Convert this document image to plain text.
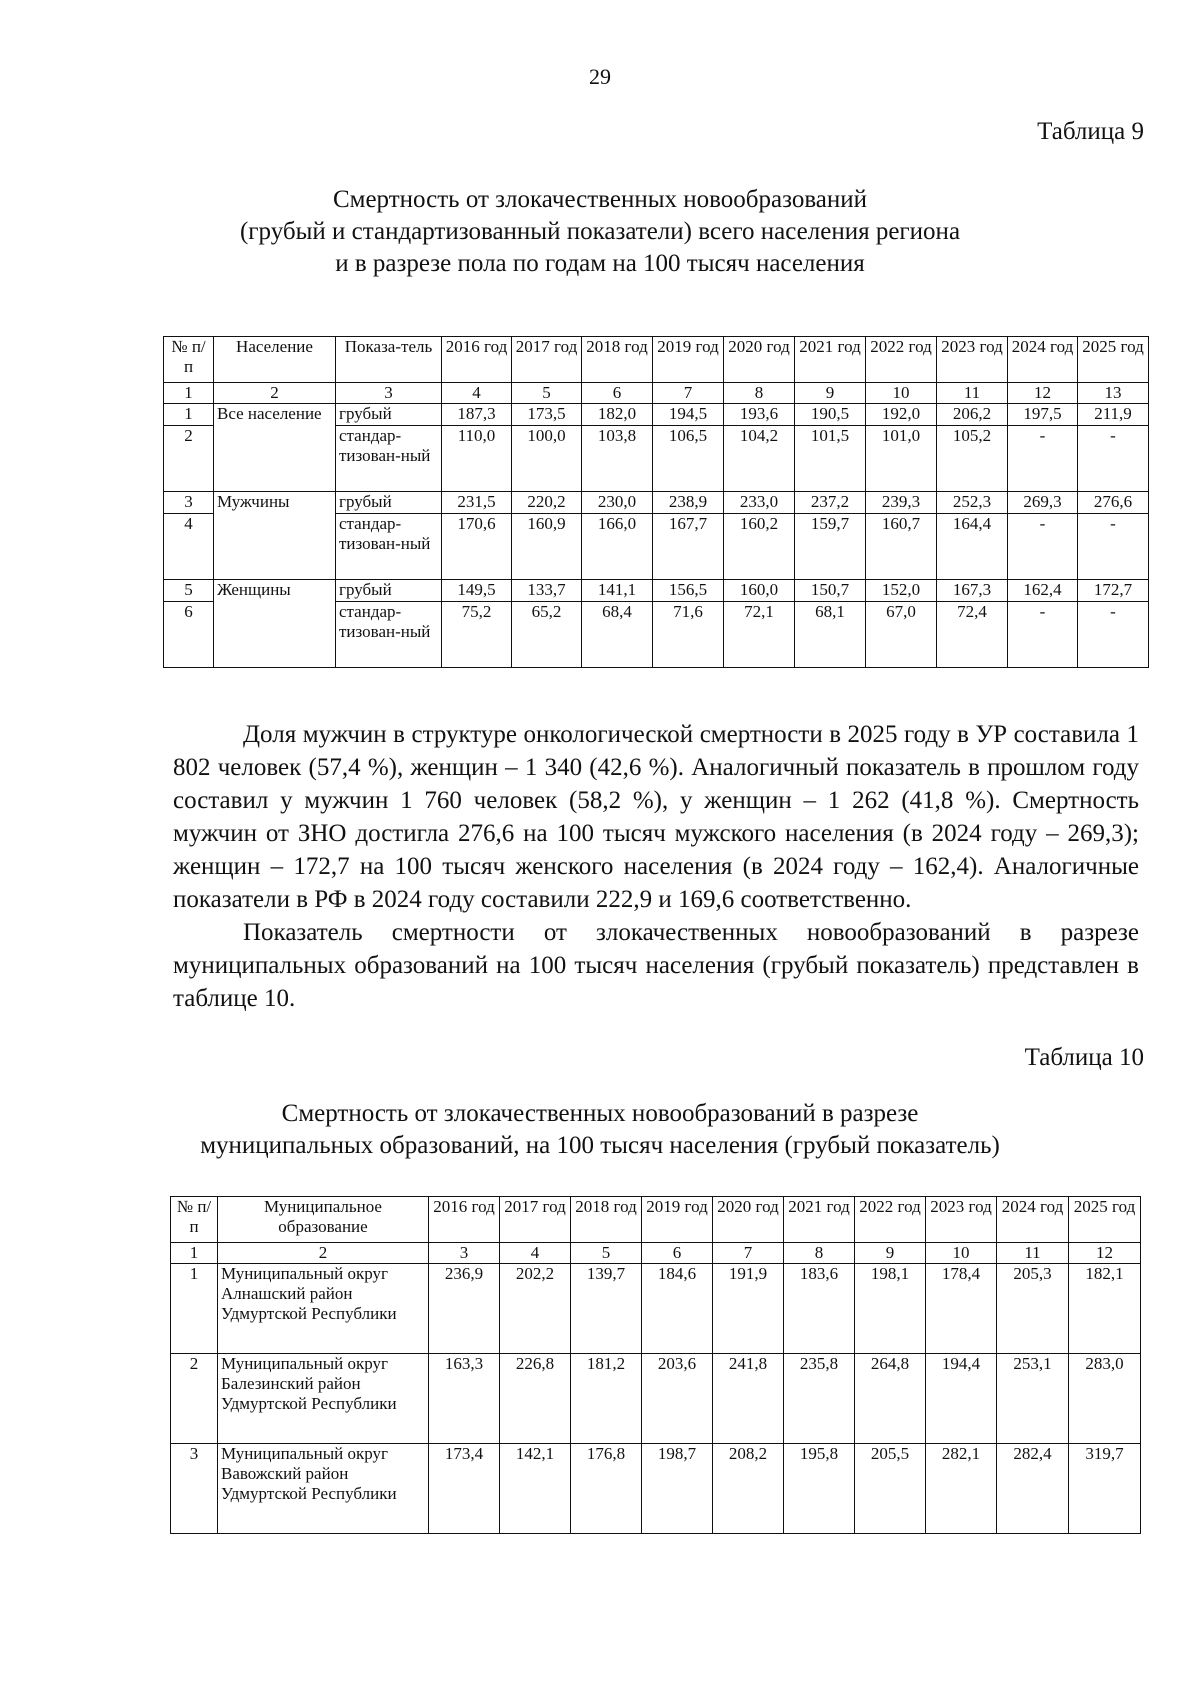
29
Таблица 9
Смертность от злокачественных новообразований
(грубый и стандартизованный показатели) всего населения региона
и в разрезе пола по годам на 100 тысяч населения
№ п/п	Население	Показа-тель	2016 год	2017 год	2018 год	2019 год	2020 год	2021 год	2022 год	2023 год	2024 год	2025 год
1	2	3	4	5	6	7	8	9	10	11	12	13
1	Все население	грубый	187,3	173,5	182,0	194,5	193,6	190,5	192,0	206,2	197,5	211,9
2		стандар-тизован-ный	110,0	100,0	103,8	106,5	104,2	101,5	101,0	105,2	-	-
3	Мужчины	грубый	231,5	220,2	230,0	238,9	233,0	237,2	239,3	252,3	269,3	276,6
4		стандар-тизован-ный	170,6	160,9	166,0	167,7	160,2	159,7	160,7	164,4	-	-
5	Женщины	грубый	149,5	133,7	141,1	156,5	160,0	150,7	152,0	167,3	162,4	172,7
6		стандар-тизован-ный	75,2	65,2	68,4	71,6	72,1	68,1	67,0	72,4	-	-

Доля мужчин в структуре онкологической смертности в 2025 году в УР составила 1 802 человек (57,4 %), женщин – 1 340 (42,6 %). Аналогичный показатель в прошлом году составил у мужчин 1 760 человек (58,2 %), у женщин – 1 262 (41,8 %). Смертность мужчин от ЗНО достигла 276,6 на 100 тысяч мужского населения (в 2024 году – 269,3); женщин – 172,7 на 100 тысяч женского населения (в 2024 году – 162,4). Аналогичные показатели в РФ в 2024 году составили 222,9 и 169,6 соответственно.

Показатель смертности от злокачественных новообразований в разрезе муниципальных образований на 100 тысяч населения (грубый показатель) представлен в таблице 10.

Таблица 10
Смертность от злокачественных новообразований в разрезе
муниципальных образований, на 100 тысяч населения (грубый показатель)
№ п/п	Муниципальное образование	2016 год	2017 год	2018 год	2019 год	2020 год	2021 год	2022 год	2023 год	2024 год	2025 год
1	2	3	4	5	6	7	8	9	10	11	12
1	Муниципальный округ Алнашский район Удмуртской Республики	236,9	202,2	139,7	184,6	191,9	183,6	198,1	178,4	205,3	182,1
2	Муниципальный округ Балезинский район Удмуртской Республики	163,3	226,8	181,2	203,6	241,8	235,8	264,8	194,4	253,1	283,0
3	Муниципальный округ Вавожский район Удмуртской Республики	173,4	142,1	176,8	198,7	208,2	195,8	205,5	282,1	282,4	319,7
